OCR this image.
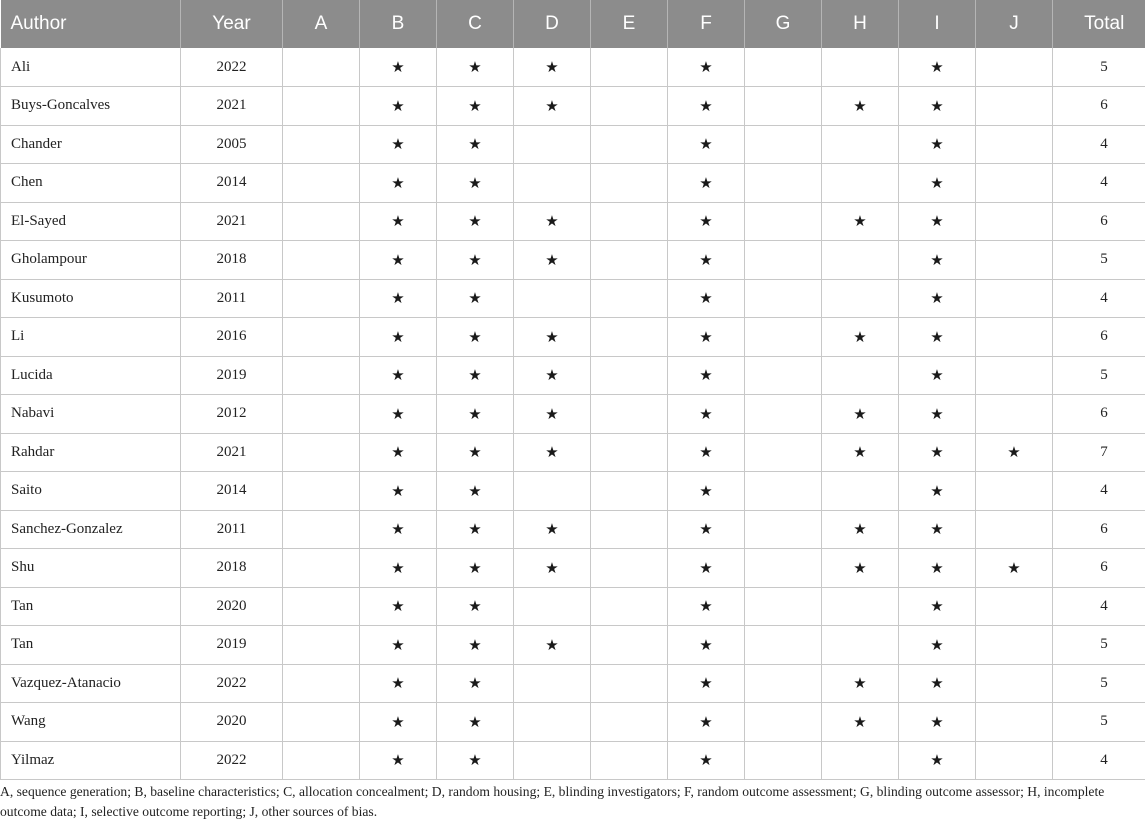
Author	Year	A	B	C	D	E	F	G	H	I	J	Total
Ali	2022		★	★	★		★			★		5
Buys-Goncalves	2021		★	★	★		★		★	★		6
Chander	2005		★	★			★			★		4
Chen	2014		★	★			★			★		4
El-Sayed	2021		★	★	★		★		★	★		6
Gholampour	2018		★	★	★		★			★		5
Kusumoto	2011		★	★			★			★		4
Li	2016		★	★	★		★		★	★		6
Lucida	2019		★	★	★		★			★		5
Nabavi	2012		★	★	★		★		★	★		6
Rahdar	2021		★	★	★		★		★	★	★	7
Saito	2014		★	★			★			★		4
Sanchez-Gonzalez	2011		★	★	★		★		★	★		6
Shu	2018		★	★	★		★		★	★	★	6
Tan	2020		★	★			★			★		4
Tan	2019		★	★	★		★			★		5
Vazquez-Atanacio	2022		★	★			★		★	★		5
Wang	2020		★	★			★		★	★		5
Yilmaz	2022		★	★			★			★		4
A, sequence generation; B, baseline characteristics; C, allocation concealment; D, random housing; E, blinding investigators; F, random outcome assessment; G, blinding outcome assessor; H, incomplete outcome data; I, selective outcome reporting; J, other sources of bias.
